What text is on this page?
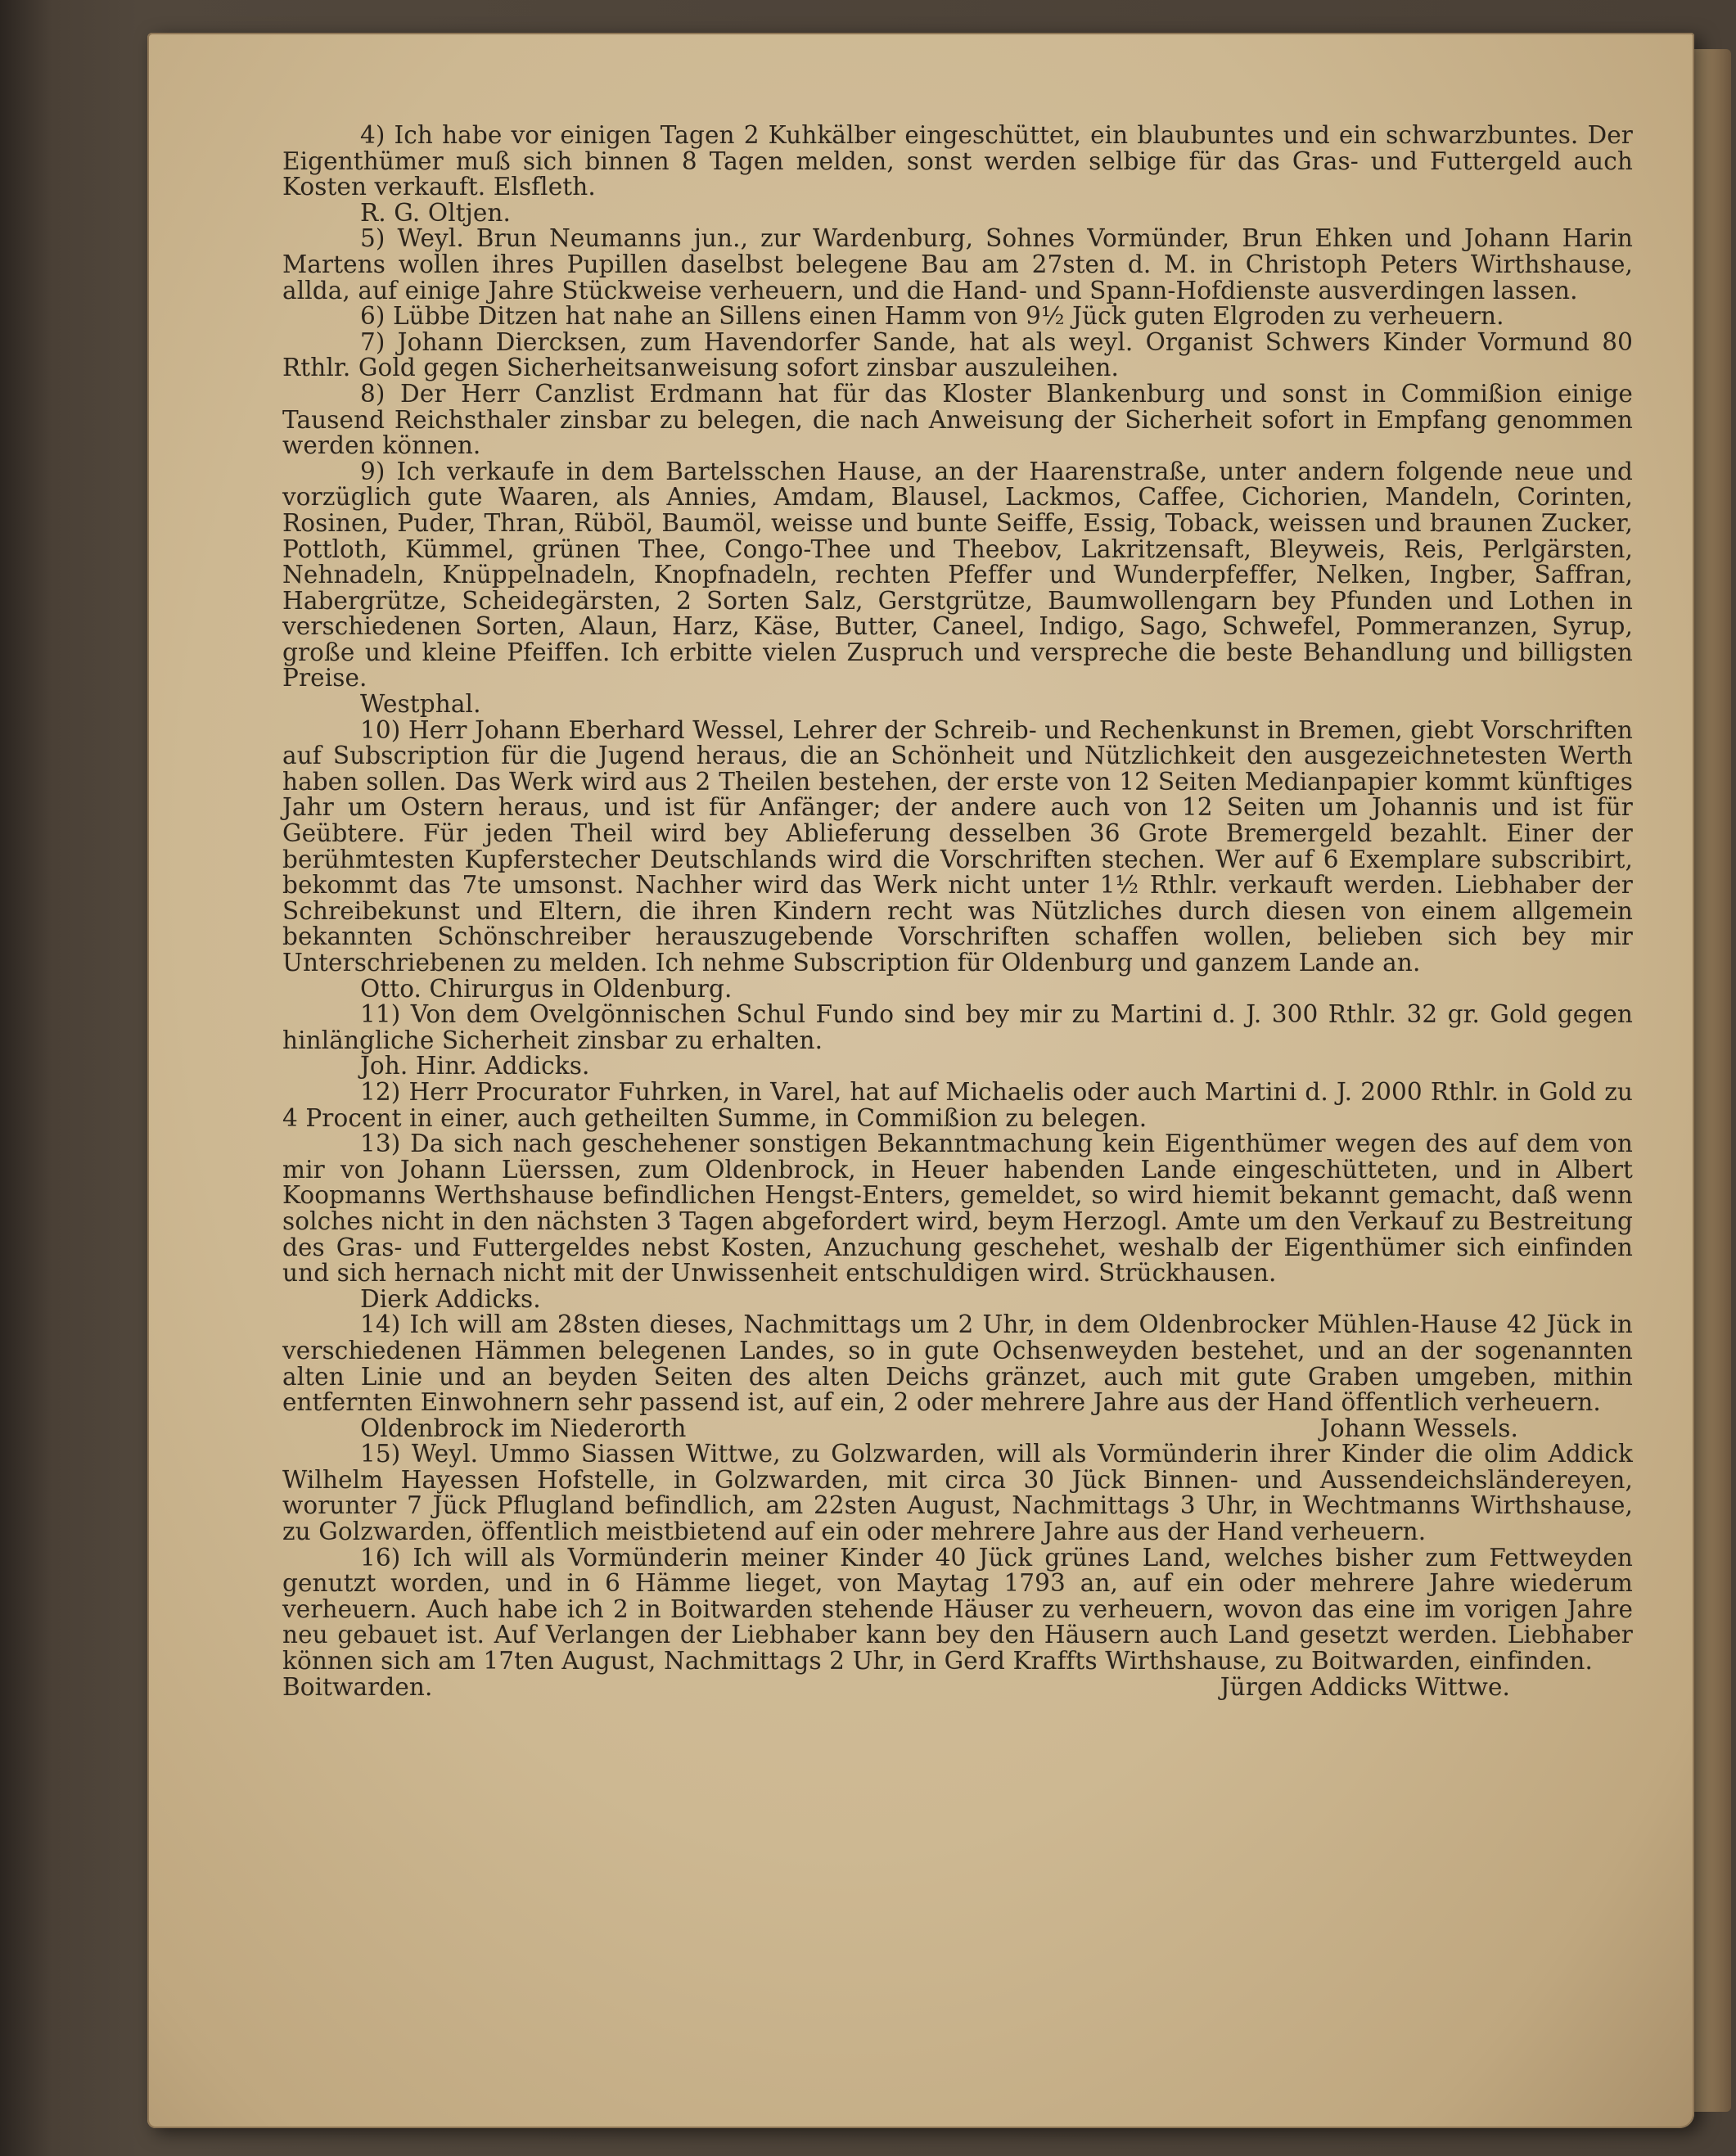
4) Ich habe vor einigen Tagen 2 Kuhkälber eingeschüttet, ein blaubuntes und ein schwarzbuntes. Der Eigenthümer muß sich binnen 8 Tagen melden, sonst werden selbige für das Gras- und Futtergeld auch Kosten verkauft. Elsfleth.

R. G. Oltjen.

5) Weyl. Brun Neumanns jun., zur Wardenburg, Sohnes Vormünder, Brun Ehken und Johann Harin Martens wollen ihres Pupillen daselbst belegene Bau am 27sten d. M. in Christoph Peters Wirthshause, allda, auf einige Jahre Stückweise verheuern, und die Hand- und Spann-Hofdienste ausverdingen lassen.

6) Lübbe Ditzen hat nahe an Sillens einen Hamm von 9½ Jück guten Elgroden zu verheuern.

7) Johann Diercksen, zum Havendorfer Sande, hat als weyl. Organist Schwers Kinder Vormund 80 Rthlr. Gold gegen Sicherheitsanweisung sofort zinsbar auszuleihen.

8) Der Herr Canzlist Erdmann hat für das Kloster Blankenburg und sonst in Commißion einige Tausend Reichsthaler zinsbar zu belegen, die nach Anweisung der Sicherheit sofort in Empfang genommen werden können.

9) Ich verkaufe in dem Bartelsschen Hause, an der Haarenstraße, unter andern folgende neue und vorzüglich gute Waaren, als Annies, Amdam, Blausel, Lackmos, Caffee, Cichorien, Mandeln, Corinten, Rosinen, Puder, Thran, Rüböl, Baumöl, weisse und bunte Seiffe, Essig, Toback, weissen und braunen Zucker, Pottloth, Kümmel, grünen Thee, Congo-Thee und Theebov, Lakritzensaft, Bleyweis, Reis, Perlgärsten, Nehnadeln, Knüppelnadeln, Knopfnadeln, rechten Pfeffer und Wunderpfeffer, Nelken, Ingber, Saffran, Habergrütze, Scheidegärsten, 2 Sorten Salz, Gerstgrütze, Baumwollengarn bey Pfunden und Lothen in verschiedenen Sorten, Alaun, Harz, Käse, Butter, Caneel, Indigo, Sago, Schwefel, Pommeranzen, Syrup, große und kleine Pfeiffen. Ich erbitte vielen Zuspruch und verspreche die beste Behandlung und billigsten Preise.

Westphal.

10) Herr Johann Eberhard Wessel, Lehrer der Schreib- und Rechenkunst in Bremen, giebt Vorschriften auf Subscription für die Jugend heraus, die an Schönheit und Nützlichkeit den ausgezeichnetesten Werth haben sollen. Das Werk wird aus 2 Theilen bestehen, der erste von 12 Seiten Medianpapier kommt künftiges Jahr um Ostern heraus, und ist für Anfänger; der andere auch von 12 Seiten um Johannis und ist für Geübtere. Für jeden Theil wird bey Ablieferung desselben 36 Grote Bremergeld bezahlt. Einer der berühmtesten Kupferstecher Deutschlands wird die Vorschriften stechen. Wer auf 6 Exemplare subscribirt, bekommt das 7te umsonst. Nachher wird das Werk nicht unter 1½ Rthlr. verkauft werden. Liebhaber der Schreibekunst und Eltern, die ihren Kindern recht was Nützliches durch diesen von einem allgemein bekannten Schönschreiber herauszugebende Vorschriften schaffen wollen, belieben sich bey mir Unterschriebenen zu melden. Ich nehme Subscription für Oldenburg und ganzem Lande an.

Otto. Chirurgus in Oldenburg.

11) Von dem Ovelgönnischen Schul Fundo sind bey mir zu Martini d. J. 300 Rthlr. 32 gr. Gold gegen hinlängliche Sicherheit zinsbar zu erhalten.

Joh. Hinr. Addicks.

12) Herr Procurator Fuhrken, in Varel, hat auf Michaelis oder auch Martini d. J. 2000 Rthlr. in Gold zu 4 Procent in einer, auch getheilten Summe, in Commißion zu belegen.

13) Da sich nach geschehener sonstigen Bekanntmachung kein Eigenthümer wegen des auf dem von mir von Johann Lüerssen, zum Oldenbrock, in Heuer habenden Lande eingeschütteten, und in Albert Koopmanns Werthshause befindlichen Hengst-Enters, gemeldet, so wird hiemit bekannt gemacht, daß wenn solches nicht in den nächsten 3 Tagen abgefordert wird, beym Herzogl. Amte um den Verkauf zu Bestreitung des Gras- und Futtergeldes nebst Kosten, Anzuchung geschehet, weshalb der Eigenthümer sich einfinden und sich hernach nicht mit der Unwissenheit entschuldigen wird. Strückhausen.

Dierk Addicks.

14) Ich will am 28sten dieses, Nachmittags um 2 Uhr, in dem Oldenbrocker Mühlen-Hause 42 Jück in verschiedenen Hämmen belegenen Landes, so in gute Ochsenweyden bestehet, und an der sogenannten alten Linie und an beyden Seiten des alten Deichs gränzet, auch mit gute Graben umgeben, mithin entfernten Einwohnern sehr passend ist, auf ein, 2 oder mehrere Jahre aus der Hand öffentlich verheuern.

Oldenbrock im Niederorth	Johann Wessels.

15) Weyl. Ummo Siassen Wittwe, zu Golzwarden, will als Vormünderin ihrer Kinder die olim Addick Wilhelm Hayessen Hofstelle, in Golzwarden, mit circa 30 Jück Binnen- und Aussendeichsländereyen, worunter 7 Jück Pflugland befindlich, am 22sten August, Nachmittags 3 Uhr, in Wechtmanns Wirthshause, zu Golzwarden, öffentlich meistbietend auf ein oder mehrere Jahre aus der Hand verheuern.

16) Ich will als Vormünderin meiner Kinder 40 Jück grünes Land, welches bisher zum Fettweyden genutzt worden, und in 6 Hämme lieget, von Maytag 1793 an, auf ein oder mehrere Jahre wiederum verheuern. Auch habe ich 2 in Boitwarden stehende Häuser zu verheuern, wovon das eine im vorigen Jahre neu gebauet ist. Auf Verlangen der Liebhaber kann bey den Häusern auch Land gesetzt werden. Liebhaber können sich am 17ten August, Nachmittags 2 Uhr, in Gerd Kraffts Wirthshause, zu Boitwarden, einfinden.

Boitwarden.	Jürgen Addicks Wittwe.
